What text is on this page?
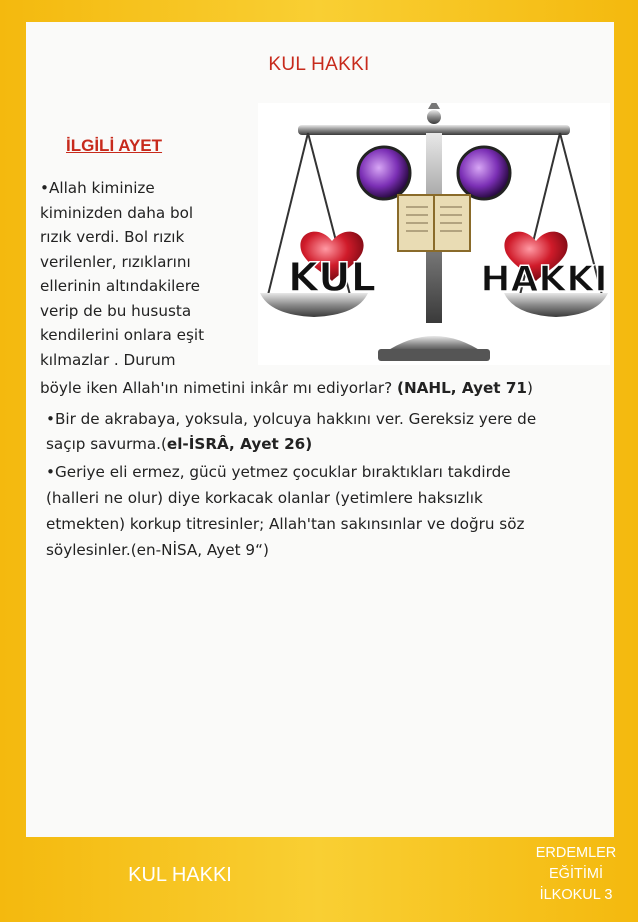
KUL HAKKI
İLGİLİ AYET
KUL	HAKKI
•Allah kiminize
kiminizden daha bol
rızık verdi. Bol rızık
verilenler, rızıklarını
ellerinin altındakilere
verip de bu hususta
kendilerini onlara eşit
kılmazlar . Durum
böyle iken Allah'ın nimetini inkâr mı ediyorlar? (NAHL, Ayet 71)
•Bir de akrabaya, yoksula, yolcuya hakkını ver. Gereksiz yere de
saçıp savurma.(el-İSRÂ, Ayet 26)
•Geriye eli ermez, gücü yetmez çocuklar bıraktıkları takdirde
(halleri ne olur) diye korkacak olanlar (yetimlere haksızlık
etmekten) korkup titresinler; Allah'tan sakınsınlar ve doğru söz
söylesinler.(en-NİSA, Ayet 9“)
KUL HAKKI
ERDEMLER
EĞİTİMİ
İLKOKUL 3
